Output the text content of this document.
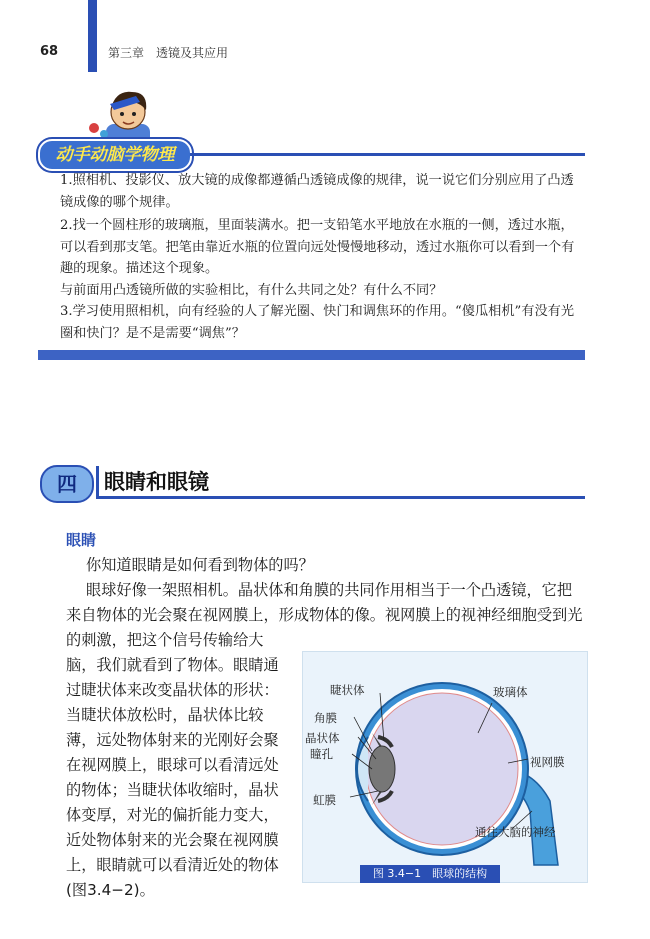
68	第三章　透镜及其应用
动手动脑学物理

1.照相机、投影仪、放大镜的成像都遵循凸透镜成像的规律，说一说它们分别应用了凸透镜成像的哪个规律。

2.找一个圆柱形的玻璃瓶，里面装满水。把一支铅笔水平地放在水瓶的一侧，透过水瓶，可以看到那支笔。把笔由靠近水瓶的位置向远处慢慢地移动，透过水瓶你可以看到一个有趣的现象。描述这个现象。

与前面用凸透镜所做的实验相比，有什么共同之处？有什么不同？

3.学习使用照相机，向有经验的人了解光圈、快门和调焦环的作用。“傻瓜相机”有没有光圈和快门？是不是需要“调焦”？

四	眼睛和眼镜
眼睛
你知道眼睛是如何看到物体的吗？
眼球好像一架照相机。晶状体和角膜的共同作用相当于一个凸透镜，它把
来自物体的光会聚在视网膜上，形成物体的像。视网膜上的视神经细胞受到光
的刺激，把这个信号传输给大
脑，我们就看到了物体。眼睛通
过睫状体来改变晶状体的形状：
当睫状体放松时，晶状体比较
薄，远处物体射来的光刚好会聚
在视网膜上，眼球可以看清远处
的物体；当睫状体收缩时，晶状
体变厚，对光的偏折能力变大，
近处物体射来的光会聚在视网膜
上，眼睛就可以看清近处的物体
(图3.4−2)。
睫状体	玻璃体
角膜
晶状体
瞳孔
视网膜
虹膜
通往大脑的神经
图 3.4−1　眼球的结构
